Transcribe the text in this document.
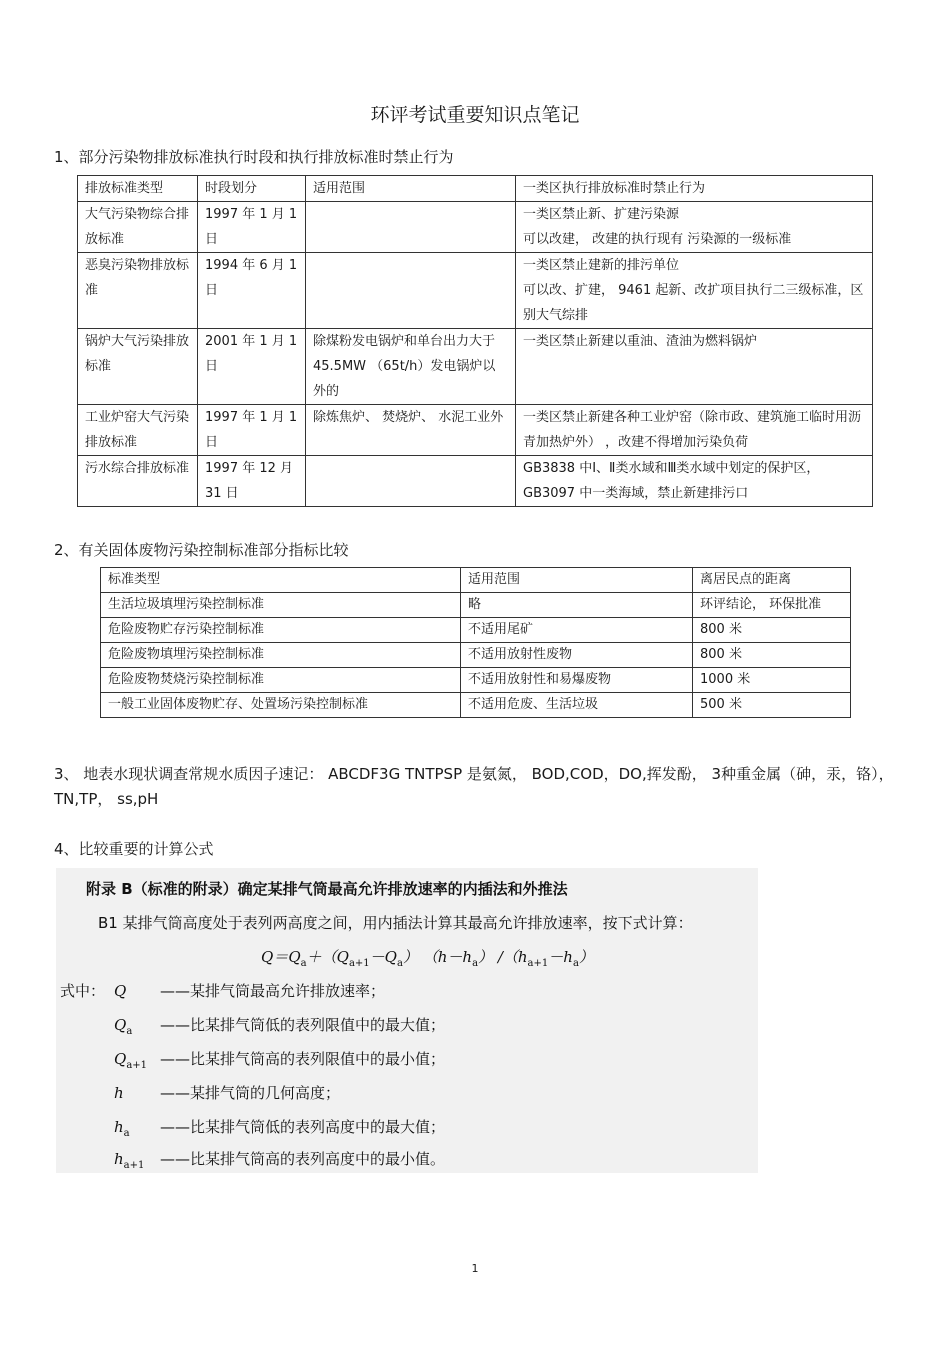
环评考试重要知识点笔记
1、部分污染物排放标准执行时段和执行排放标准时禁止行为
排放标准类型	时段划分	适用范围	一类区执行排放标准时禁止行为
大气污染物综合排放标准	1997 年 1 月 1日		一类区禁止新、扩建污染源
可以改建， 改建的执行现有 污染源的一级标准
恶臭污染物排放标准	1994 年 6 月 1日		一类区禁止建新的排污单位
可以改、扩建， 9461 起新、改扩项目执行二三级标准，区别大气综排
锅炉大气污染排放标准	2001 年 1 月 1日	除煤粉发电锅炉和单台出力大于 45.5MW （65t/h）发电锅炉以外的	一类区禁止新建以重油、渣油为燃料锅炉
工业炉窑大气污染排放标准	1997 年 1 月 1日	除炼焦炉、 焚烧炉、 水泥工业外	一类区禁止新建各种工业炉窑（除市政、建筑施工临时用沥青加热炉外） ，改建不得增加污染负荷
污水综合排放标准	1997 年 12 月 31 日		GB3838 中Ⅰ、Ⅱ类水域和Ⅲ类水域中划定的保护区， GB3097 中一类海域，禁止新建排污口
2、有关固体废物污染控制标准部分指标比较
标准类型	适用范围	离居民点的距离
生活垃圾填埋污染控制标准	略	环评结论， 环保批准
危险废物贮存污染控制标准	不适用尾矿	800 米
危险废物填埋污染控制标准	不适用放射性废物	800 米
危险废物焚烧污染控制标准	不适用放射性和易爆废物	1000 米
一般工业固体废物贮存、处置场污染控制标准	不适用危废、生活垃圾	500 米
3、 地表水现状调查常规水质因子速记： ABCDF3G TNTPSP 是氨氮， BOD,COD，DO,挥发酚， 3种重金属（砷，汞，铬）， TN,TP， ss,pH
4、比较重要的计算公式
附录 B（标准的附录）确定某排气筒最高允许排放速率的内插法和外推法
B1 某排气筒高度处于表列两高度之间，用内插法计算其最高允许排放速率，按下式计算：
$Q=Q_a+(Q_{a+1}-Q_a)$ $(h-h_a)$ $/(h_{a+1}-h_a)$
式中： Q ——某排气筒最高允许排放速率；
$Q_a$ ——比某排气筒低的表列限值中的最大值；
$Q_{a+1}$ ——比某排气筒高的表列限值中的最小值；
h ——某排气筒的几何高度；
$h_a$ ——比某排气筒低的表列高度中的最大值；
$h_{a+1}$ ——比某排气筒高的表列高度中的最小值。
1
